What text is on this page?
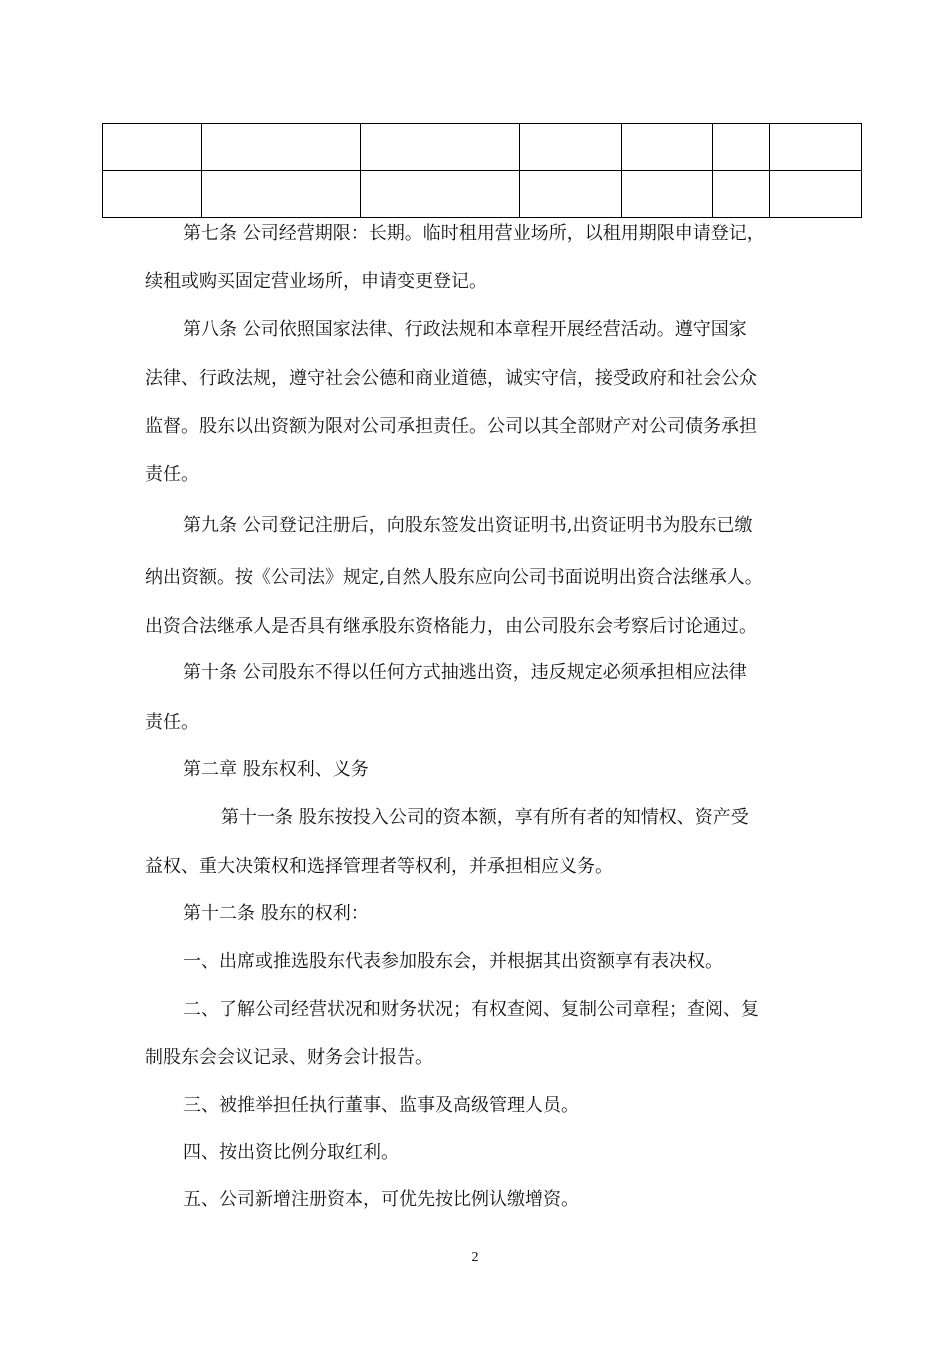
第七条 公司经营期限：长期。临时租用营业场所，以租用期限申请登记，
续租或购买固定营业场所，申请变更登记。
第八条 公司依照国家法律、行政法规和本章程开展经营活动。遵守国家
法律、行政法规，遵守社会公德和商业道德，诚实守信，接受政府和社会公众
监督。股东以出资额为限对公司承担责任。公司以其全部财产对公司债务承担
责任。
第九条 公司登记注册后，向股东签发出资证明书,出资证明书为股东已缴
纳出资额。按《公司法》规定,自然人股东应向公司书面说明出资合法继承人。
出资合法继承人是否具有继承股东资格能力，由公司股东会考察后讨论通过。
第十条 公司股东不得以任何方式抽逃出资，违反规定必须承担相应法律
责任。
第二章 股东权利、义务
第十一条 股东按投入公司的资本额，享有所有者的知情权、资产受
益权、重大决策权和选择管理者等权利，并承担相应义务。
第十二条 股东的权利：
一、出席或推选股东代表参加股东会，并根据其出资额享有表决权。
二、了解公司经营状况和财务状况；有权查阅、复制公司章程；查阅、复
制股东会会议记录、财务会计报告。
三、被推举担任执行董事、监事及高级管理人员。
四、按出资比例分取红利。
五、公司新增注册资本，可优先按比例认缴增资。
2
